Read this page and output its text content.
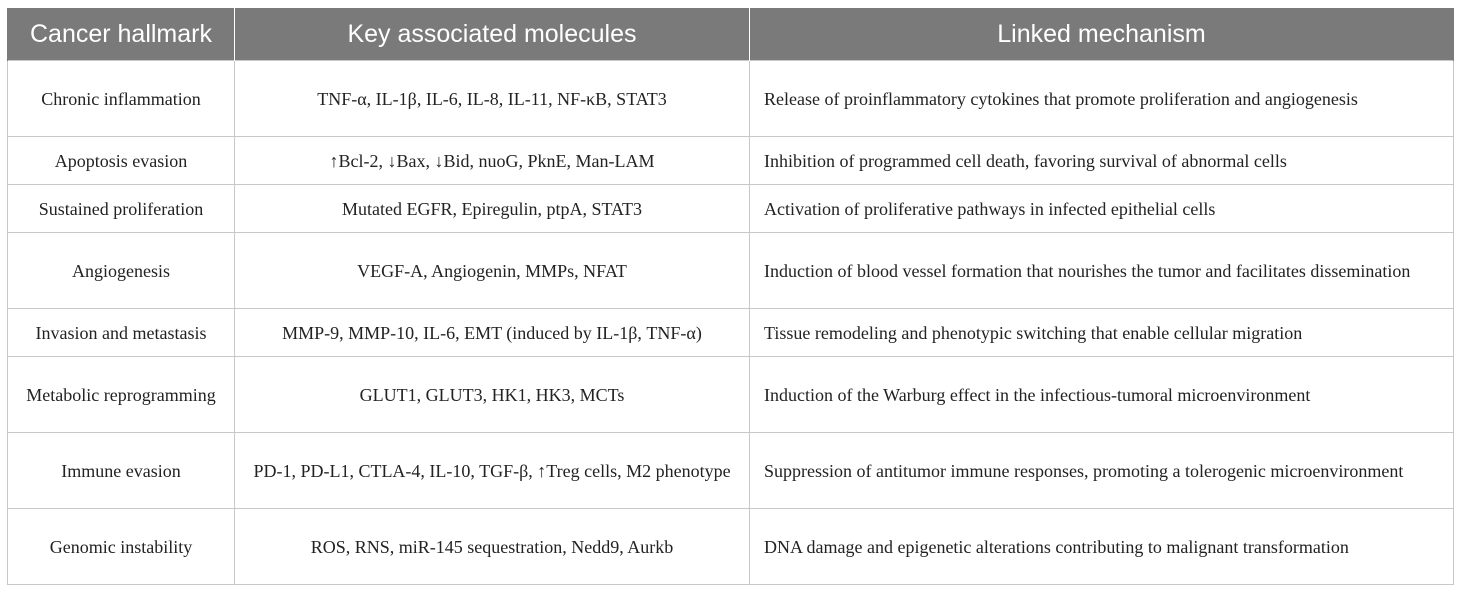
Cancer hallmark	Key associated molecules	Linked mechanism
Chronic inflammation	TNF-α, IL-1β, IL-6, IL-8, IL-11, NF-κB, STAT3	Release of proinflammatory cytokines that promote proliferation and angiogenesis
Apoptosis evasion	↑Bcl-2, ↓Bax, ↓Bid, nuoG, PknE, Man-LAM	Inhibition of programmed cell death, favoring survival of abnormal cells
Sustained proliferation	Mutated EGFR, Epiregulin, ptpA, STAT3	Activation of proliferative pathways in infected epithelial cells
Angiogenesis	VEGF-A, Angiogenin, MMPs, NFAT	Induction of blood vessel formation that nourishes the tumor and facilitates dissemination
Invasion and metastasis	MMP-9, MMP-10, IL-6, EMT (induced by IL-1β, TNF-α)	Tissue remodeling and phenotypic switching that enable cellular migration
Metabolic reprogramming	GLUT1, GLUT3, HK1, HK3, MCTs	Induction of the Warburg effect in the infectious-tumoral microenvironment
Immune evasion	PD-1, PD-L1, CTLA-4, IL-10, TGF-β, ↑Treg cells, M2 phenotype	Suppression of antitumor immune responses, promoting a tolerogenic microenvironment
Genomic instability	ROS, RNS, miR-145 sequestration, Nedd9, Aurkb	DNA damage and epigenetic alterations contributing to malignant transformation
